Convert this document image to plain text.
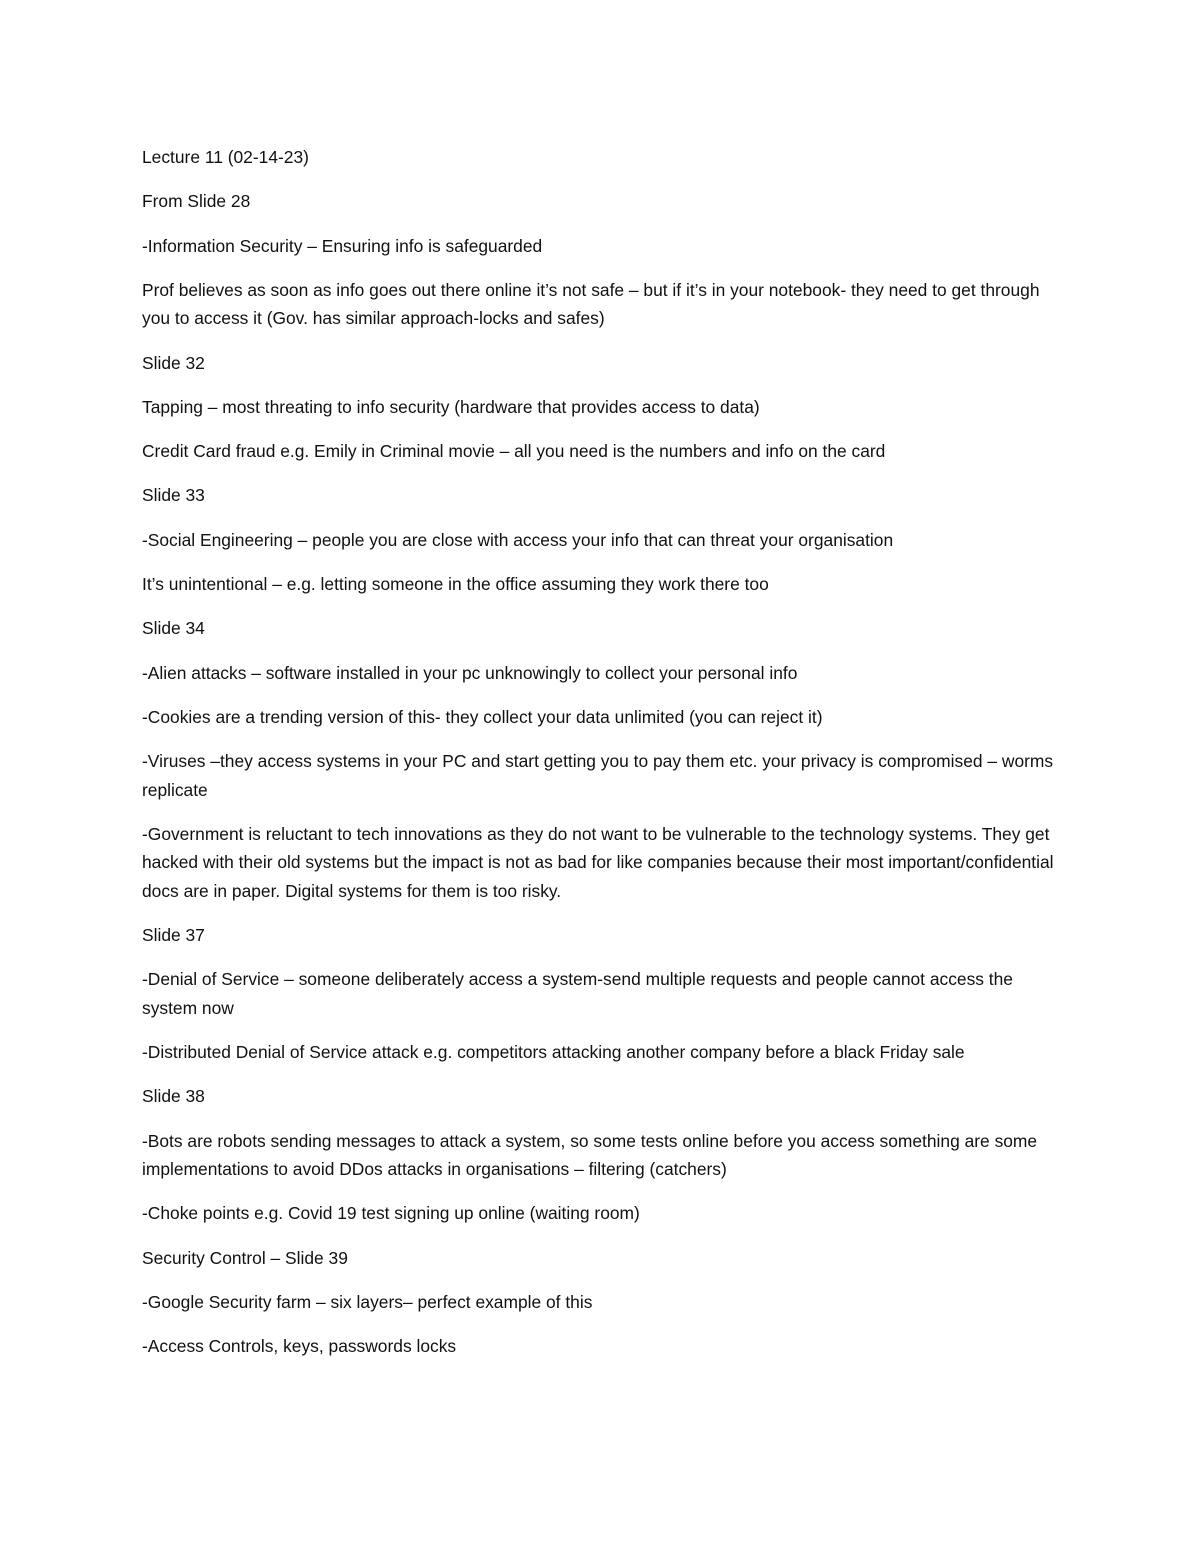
Lecture 11 (02-14-23)

From Slide 28

-Information Security – Ensuring info is safeguarded

Prof believes as soon as info goes out there online it’s not safe – but if it’s in your notebook- they need to get through you to access it (Gov. has similar approach-locks and safes)

Slide 32

Tapping – most threating to info security (hardware that provides access to data)

Credit Card fraud e.g. Emily in Criminal movie – all you need is the numbers and info on the card

Slide 33

-Social Engineering – people you are close with access your info that can threat your organisation

It’s unintentional – e.g. letting someone in the office assuming they work there too

Slide 34

-Alien attacks – software installed in your pc unknowingly to collect your personal info

-Cookies are a trending version of this- they collect your data unlimited (you can reject it)

-Viruses –they access systems in your PC and start getting you to pay them etc. your privacy is compromised – worms replicate

-Government is reluctant to tech innovations as they do not want to be vulnerable to the technology systems. They get hacked with their old systems but the impact is not as bad for like companies because their most important/confidential docs are in paper. Digital systems for them is too risky.

Slide 37

-Denial of Service – someone deliberately access a system-send multiple requests and people cannot access the system now

-Distributed Denial of Service attack e.g. competitors attacking another company before a black Friday sale

Slide 38

-Bots are robots sending messages to attack a system, so some tests online before you access something are some implementations to avoid DDos attacks in organisations – filtering (catchers)

-Choke points e.g. Covid 19 test signing up online (waiting room)

Security Control – Slide 39

-Google Security farm – six layers– perfect example of this

-Access Controls, keys, passwords locks
